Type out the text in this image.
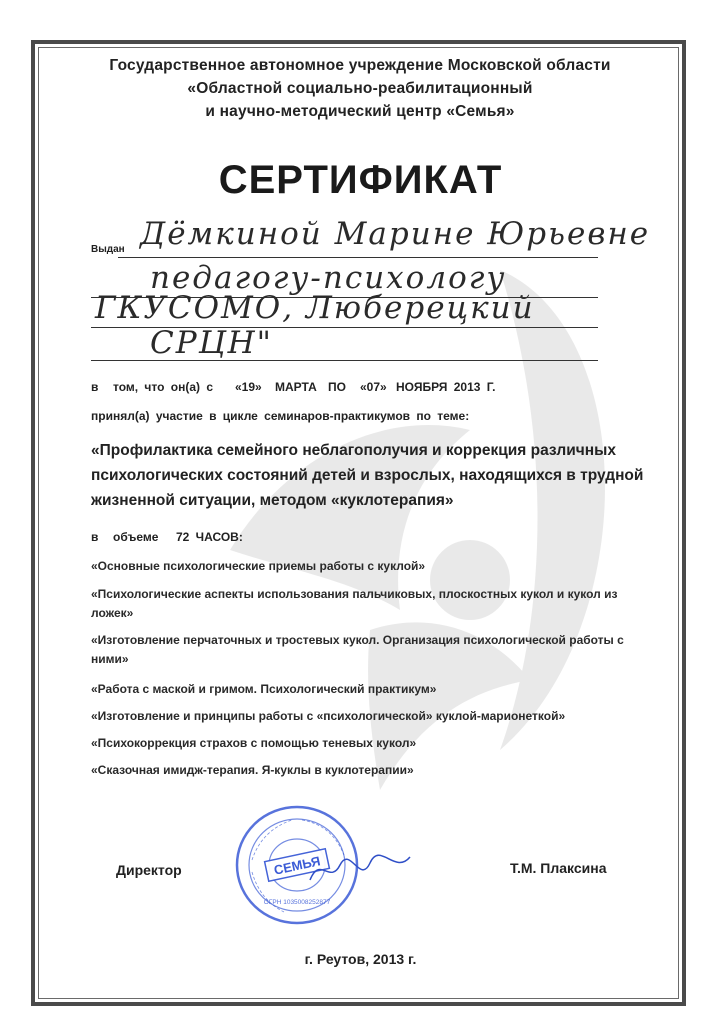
Государственное автономное учреждение Московской области
«Областной социально-реабилитационный
и научно-методический центр «Семья»
СЕРТИФИКАТ
Выдан Дёмкиной Марине Юрьевне
педагогу-психологу
ГКУСОМО, Люберецкий
СРЦН"
в том, что он(а) с «19» МАРТА ПО «07» НОЯБРЯ 2013 Г.
принял(а) участие в цикле семинаров-практикумов по теме:
«Профилактика семейного неблагополучия и коррекция различных
психологических состояний детей и взрослых, находящихся в трудной
жизненной ситуации, методом «куклотерапия»
в объеме 72 ЧАСОВ:
«Основные психологические приемы работы с куклой»
«Психологические аспекты использования пальчиковых, плоскостных кукол и кукол из ложек»
«Изготовление перчаточных и тростевых кукол. Организация психологической работы с ними»
«Работа с маской и гримом. Психологический практикум»
«Изготовление и принципы работы с «психологической» куклой-марионеткой»
«Психокоррекция страхов с помощью теневых кукол»
«Сказочная имидж-терапия. Я-куклы в куклотерапии»
Директор	СЕМЬЯ
ОГРН 1035008252877
Т.М. Плаксина
г. Реутов, 2013 г.
